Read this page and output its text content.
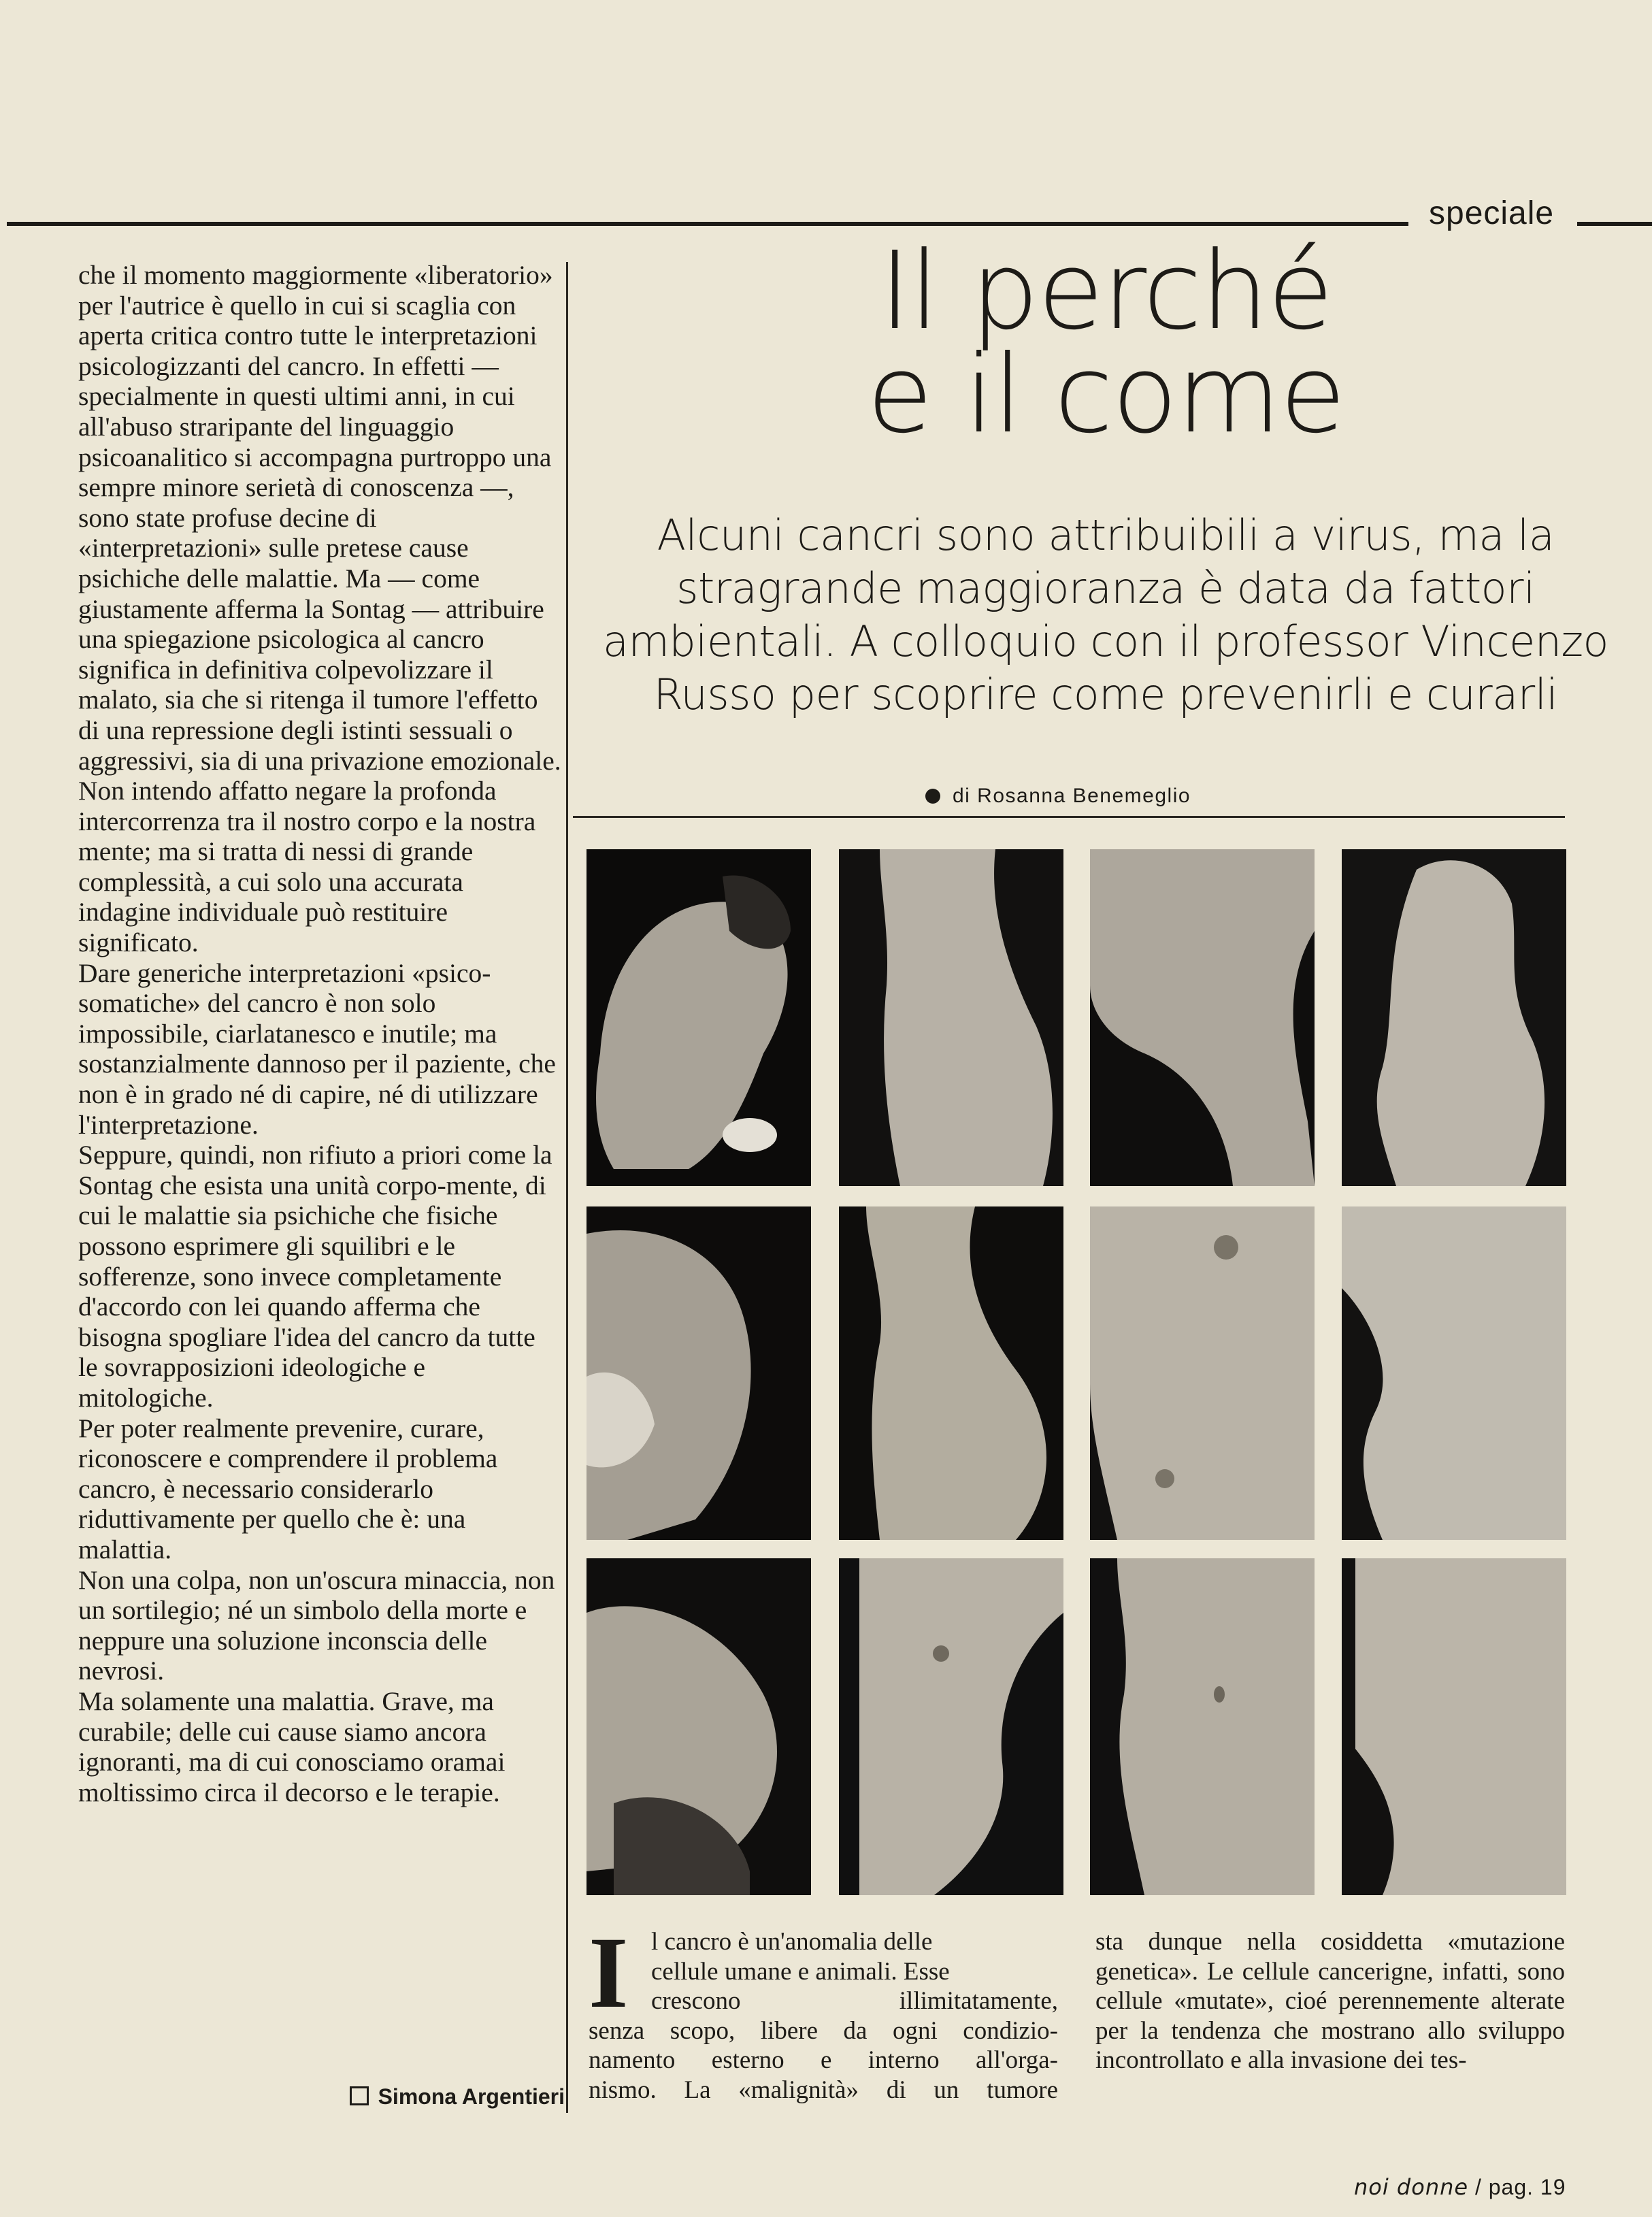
speciale

che il momento maggiormente «liberatorio» per l'autrice è quello in cui si scaglia con aperta critica contro tutte le interpretazioni psicologizzanti del cancro. In effetti — specialmente in questi ultimi anni, in cui all'abuso straripante del linguaggio psicoanalitico si accompagna purtroppo una sempre minore serietà di conoscenza —, sono state profuse decine di «interpretazioni» sulle pretese cause psichiche delle malattie. Ma — come giustamente afferma la Sontag — attribuire una spiegazione psicologica al cancro significa in definitiva colpevolizzare il malato, sia che si ritenga il tumore l'effetto di una repressione degli istinti sessuali o aggressivi, sia di una privazione emozionale.

Non intendo affatto negare la profonda intercorrenza tra il nostro corpo e la nostra mente; ma si tratta di nessi di grande complessità, a cui solo una accurata indagine individuale può restituire significato.

Dare generiche interpretazioni «psico-somatiche» del cancro è non solo impossibile, ciarlatanesco e inutile; ma sostanzialmente dannoso per il paziente, che non è in grado né di capire, né di utilizzare l'interpretazione.

Seppure, quindi, non rifiuto a priori come la Sontag che esista una unità corpo-mente, di cui le malattie sia psichiche che fisiche possono esprimere gli squilibri e le sofferenze, sono invece completamente d'accordo con lei quando afferma che bisogna spogliare l'idea del cancro da tutte le sovrapposizioni ideologiche e mitologiche.

Per poter realmente prevenire, curare, riconoscere e comprendere il problema cancro, è necessario considerarlo riduttivamente per quello che è: una malattia.

Non una colpa, non un'oscura minaccia, non un sortilegio; né un simbolo della morte e neppure una soluzione inconscia delle nevrosi.

Ma solamente una malattia. Grave, ma curabile; delle cui cause siamo ancora ignoranti, ma di cui conosciamo oramai moltissimo circa il decorso e le terapie.

Simona Argentieri
Il perché
e il come
Alcuni cancri sono attribuibili a virus, ma la stragrande maggioranza è data da fattori ambientali. A colloquio con il professor Vincenzo Russo per scoprire come prevenirli e curarli
di Rosanna Benemeglio
I l cancro è un'anomalia delle
cellule umane e animali. Esse
crescono illimitatamente,
senza scopo, libere da ogni condizio-
namento esterno e interno all'orga-
nismo. La «malignità» di un tumore
sta dunque nella cosiddetta «mutazione genetica». Le cellule cancerigne, infatti, sono cellule «mutate», cioé perennemente alterate per la tendenza che mostrano allo sviluppo incontrollato e alla invasione dei tes-
noi donne / pag. 19
